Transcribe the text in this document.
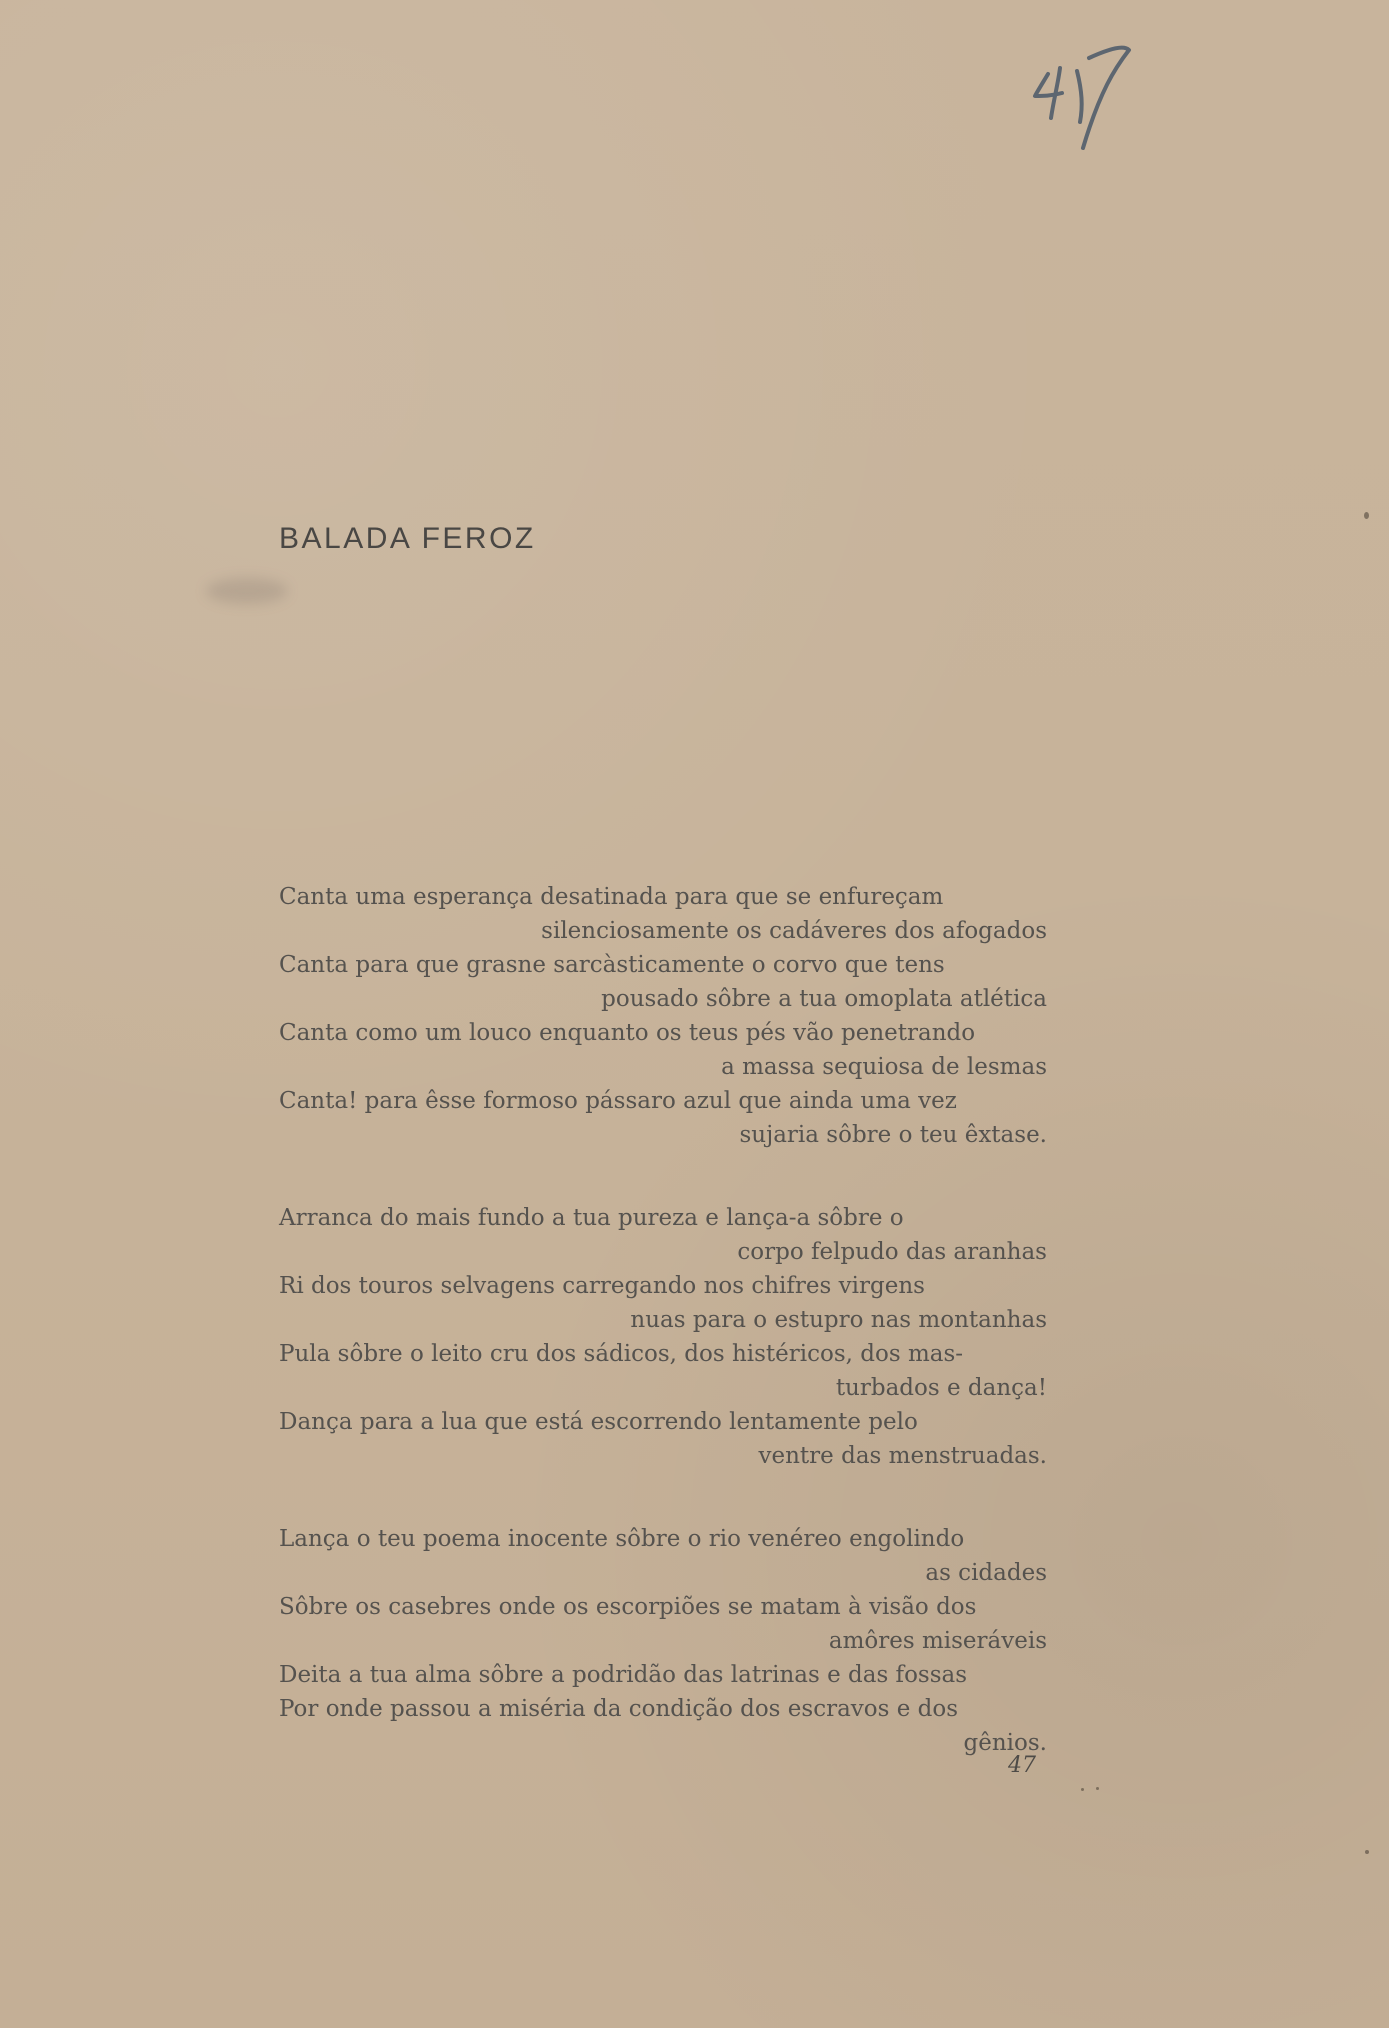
BALADA FEROZ
Canta uma esperança desatinada para que se enfureçam
silenciosamente os cadáveres dos afogados
Canta para que grasne sarcàsticamente o corvo que tens
pousado sôbre a tua omoplata atlética
Canta como um louco enquanto os teus pés vão penetrando
a massa sequiosa de lesmas
Canta! para êsse formoso pássaro azul que ainda uma vez
sujaria sôbre o teu êxtase.
Arranca do mais fundo a tua pureza e lança-a sôbre o
corpo felpudo das aranhas
Ri dos touros selvagens carregando nos chifres virgens
nuas para o estupro nas montanhas
Pula sôbre o leito cru dos sádicos, dos histéricos, dos mas-
turbados e dança!
Dança para a lua que está escorrendo lentamente pelo
ventre das menstruadas.
Lança o teu poema inocente sôbre o rio venéreo engolindo
as cidades
Sôbre os casebres onde os escorpiões se matam à visão dos
amôres miseráveis
Deita a tua alma sôbre a podridão das latrinas e das fossas
Por onde passou a miséria da condição dos escravos e dos
gênios.
47
